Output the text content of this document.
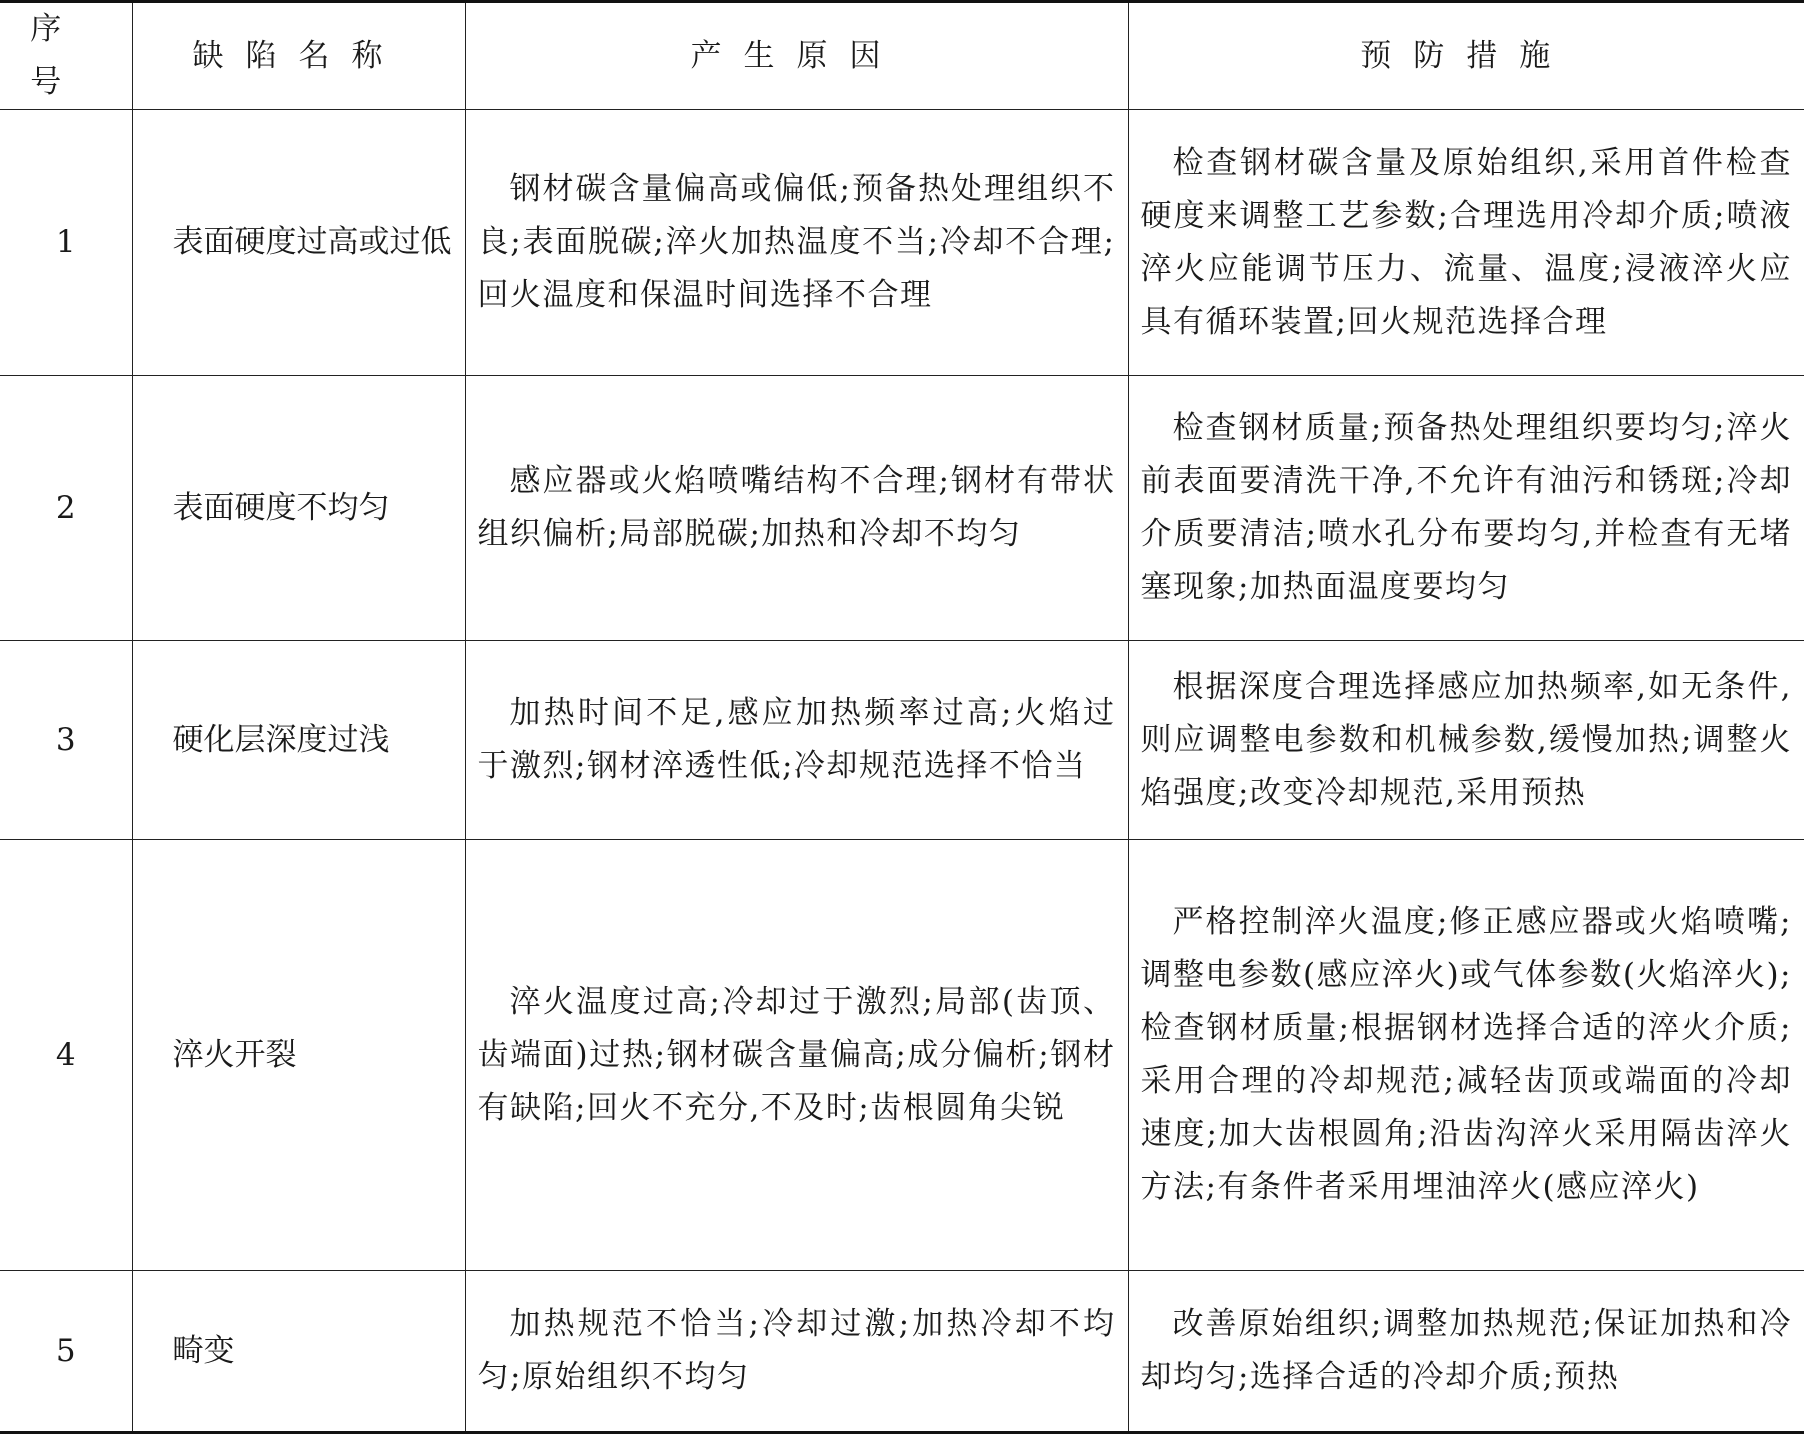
序 号	缺陷名称	产生原因	预防措施
1	表面硬度过高或过低	钢材碳含量偏高或偏低;预备热处理组织不良;表面脱碳;淬火加热温度不当;冷却不合理;回火温度和保温时间选择不合理	检查钢材碳含量及原始组织,采用首件检查硬度来调整工艺参数;合理选用冷却介质;喷液淬火应能调节压力、流量、温度;浸液淬火应具有循环装置;回火规范选择合理
2	表面硬度不均匀	感应器或火焰喷嘴结构不合理;钢材有带状组织偏析;局部脱碳;加热和冷却不均匀	检查钢材质量;预备热处理组织要均匀;淬火前表面要清洗干净,不允许有油污和锈斑;冷却介质要清洁;喷水孔分布要均匀,并检查有无堵塞现象;加热面温度要均匀
3	硬化层深度过浅	加热时间不足,感应加热频率过高;火焰过于激烈;钢材淬透性低;冷却规范选择不恰当	根据深度合理选择感应加热频率,如无条件,则应调整电参数和机械参数,缓慢加热;调整火焰强度;改变冷却规范,采用预热
4	淬火开裂	淬火温度过高;冷却过于激烈;局部(齿顶、齿端面)过热;钢材碳含量偏高;成分偏析;钢材有缺陷;回火不充分,不及时;齿根圆角尖锐	严格控制淬火温度;修正感应器或火焰喷嘴;调整电参数(感应淬火)或气体参数(火焰淬火);检查钢材质量;根据钢材选择合适的淬火介质;采用合理的冷却规范;减轻齿顶或端面的冷却速度;加大齿根圆角;沿齿沟淬火采用隔齿淬火方法;有条件者采用埋油淬火(感应淬火)
5	畸变	加热规范不恰当;冷却过激;加热冷却不均匀;原始组织不均匀	改善原始组织;调整加热规范;保证加热和冷却均匀;选择合适的冷却介质;预热
